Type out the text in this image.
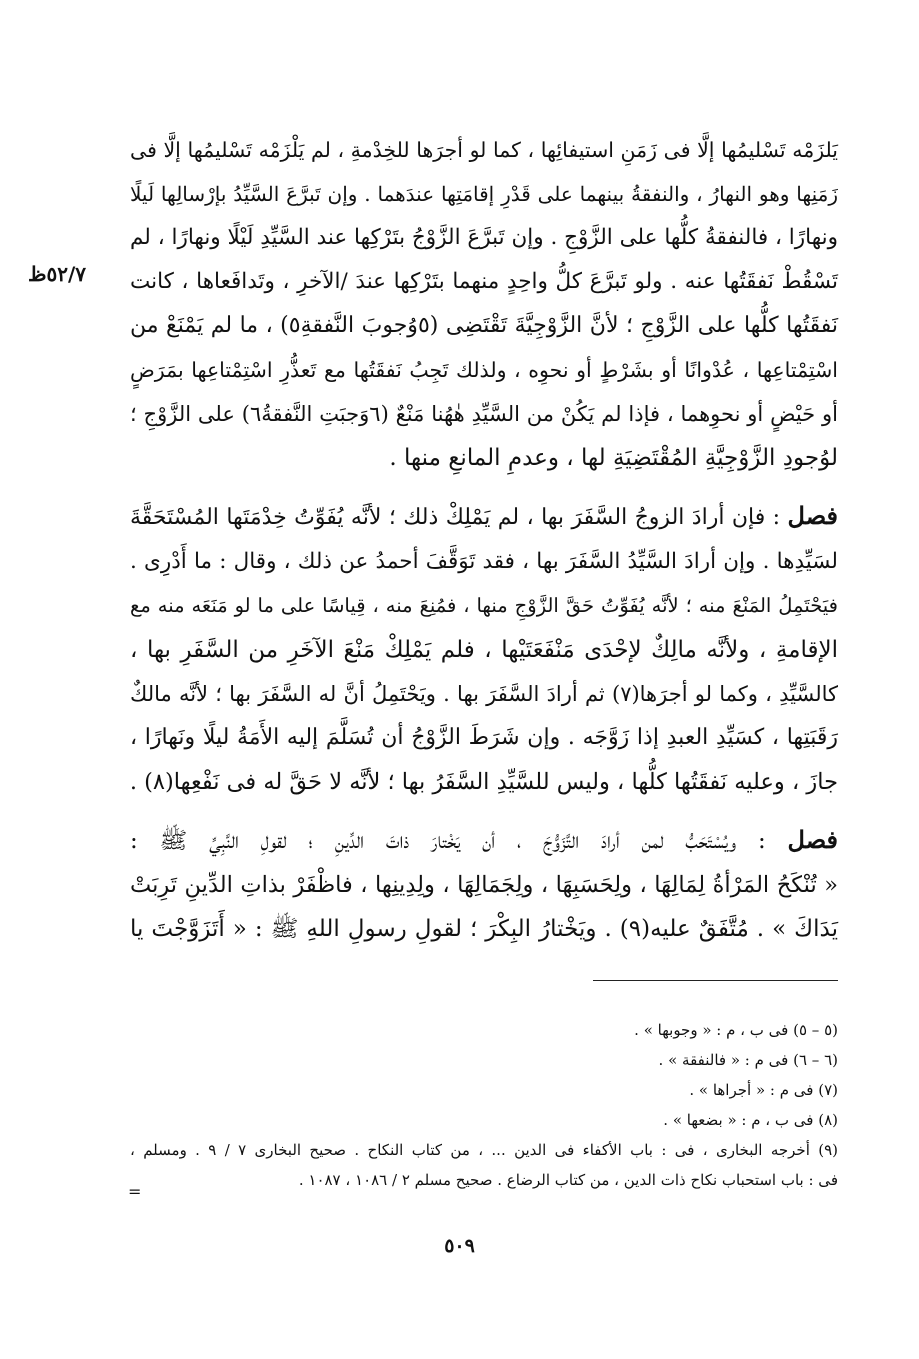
٥٢/٧ظ
يَلزَمْه تَسْليمُها إلَّا فى زَمَنِ استيفائِها ، كما لو أجرَها للخِدْمةِ ، لم يَلْزَمْه تَسْليمُها إلَّا فى
زَمَنِها وهو النهارُ ، والنفقةُ بينهما على قَدْرِ إقامَتِها عندَهما . وإن تَبرَّعَ السَّيِّدُ بإرْسالِها لَيلًا
ونهارًا ، فالنفقةُ كلُّها على الزَّوْجِ . وإن تَبرَّعَ الزَّوْجُ بتَرْكِها عند السَّيِّدِ لَيْلًا ونهارًا ، لم
تَسْقُطْ نَفقَتُها عنه . ولو تَبرَّعَ كلُّ واحِدٍ منهما بتَرْكِها عندَ /الآخرِ ، وتَدافَعاها ، كانت
نَفقَتُها كلُّها على الزَّوْجِ ؛ لأنَّ الزَّوْجِيَّةَ تَقْتَضِى (٥وُجوبَ النَّفقةِ٥) ، ما لم يَمْنَعْ من
اسْتِمْتاعِها ، عُدْوانًا أو بشَرْطٍ أو نحوِه ، ولذلك تَجِبُ نَفقَتُها مع تَعذُّرِ اسْتِمْتاعِها بمَرَضٍ
أو حَيْضٍ أو نحوِهما ، فإذا لم يَكُنْ من السَّيِّدِ هٰهُنا مَنْعٌ (٦وَجبَتِ النَّفقةُ٦) على الزَّوْجِ ؛
لوُجودِ الزَّوْجِيَّةِ المُقْتَضِيَةِ لها ، وعدمِ المانعِ منها .
فصل : فإن أرادَ الزوجُ السَّفَرَ بها ، لم يَمْلِكْ ذلك ؛ لأنَّه يُفَوِّتُ خِدْمَتَها المُسْتَحَقَّةَ
لسَيِّدِها . وإن أرادَ السَّيِّدُ السَّفَرَ بها ، فقد تَوَقَّفَ أحمدُ عن ذلك ، وقال : ما أَدْرِى .
فيَحْتَمِلُ المَنْعَ منه ؛ لأنَّه يُفَوِّتُ حَقَّ الزَّوْجِ منها ، فمُنِعَ منه ، قِياسًا على ما لو مَنَعَه منه مع
الإقامةِ ، ولأنَّه مالِكٌ لإحْدَى مَنْفَعَتَيْها ، فلم يَمْلِكْ مَنْعَ الآخَرِ من السَّفَرِ بها ،
كالسَّيِّدِ ، وكما لو أجرَها(٧) ثم أرادَ السَّفَرَ بها . ويَحْتَمِلُ أنَّ له السَّفَرَ بها ؛ لأنَّه مالكٌ
رَقَبَتِها ، كسَيِّدِ العبدِ إذا زَوَّجَه . وإن شَرَطَ الزَّوْجُ أن تُسَلَّمَ إليه الأَمَةُ ليلًا ونَهارًا ،
جازَ ، وعليه نَفقَتُها كلُّها ، وليس للسَّيِّدِ السَّفَرُ بها ؛ لأنَّه لا حَقَّ له فى نَفْعِها(٨) .
فصل : ويُسْتَحَبُّ لمن أرادَ التَّزَوُّجَ ، أن يَخْتارَ ذاتَ الدِّينِ ؛ لقولِ النَّبِيِّ ﷺ :
« تُنْكَحُ المَرْأةُ لِمَالِهَا ، ولِحَسَبِهَا ، ولِجَمَالِهَا ، ولِدِينِها ، فاظْفَرْ بذاتِ الدِّينِ تَرِبَتْ
يَدَاكَ » . مُتَّفَقٌ عليه(٩) . ويَخْتارُ البِكْرَ ؛ لقولِ رسولِ اللهِ ﷺ : « أَتَزَوَّجْتَ يا
(٥ – ٥) فى ب ، م : « وجوبها » .
(٦ – ٦) فى م : « فالنفقة » .
(٧) فى م : « أجراها » .
(٨) فى ب ، م : « بضعها » .
(٩) أخرجه البخارى ، فى : باب الأكفاء فى الدين ... ، من كتاب النكاح . صحيح البخارى ٧ / ٩ . ومسلم ،
فى : باب استحباب نكاح ذات الدين ، من كتاب الرضاع . صحيح مسلم ٢ / ١٠٨٦ ، ١٠٨٧ .
=
٥٠٩
